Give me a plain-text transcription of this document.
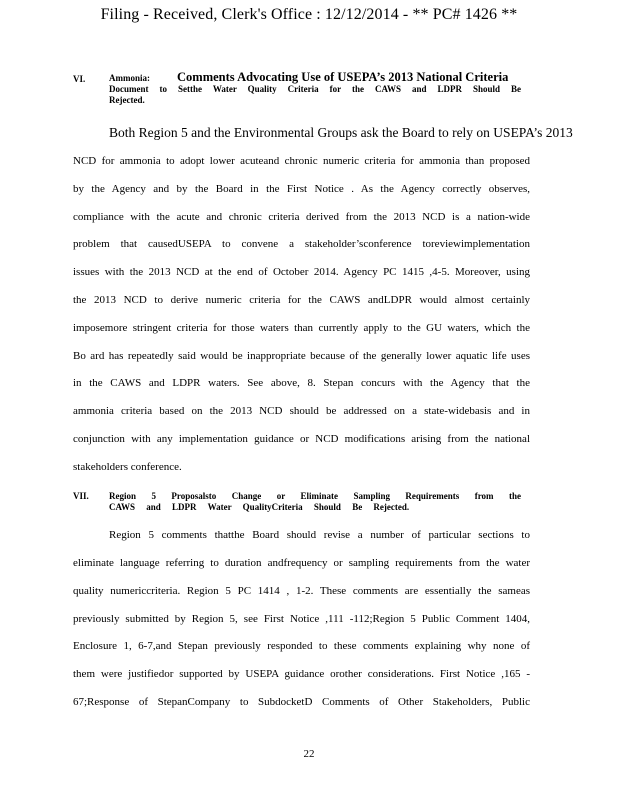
Filing - Received, Clerk's Office : 12/12/2014 - ** PC# 1426 **
VI.	Ammonia: Comments Advocating Use of USEPA’s 2013 National Criteria
Document to Setthe Water Quality Criteria for the CAWS and LDPR Should Be
Rejected.
Both Region 5 and the Environmental Groups ask the Board to rely on USEPA’s 2013
NCD for ammonia to adopt lower acuteand chronic numeric criteria for ammonia than proposed
by the Agency and by the Board in the First Notice . As the Agency correctly observes,
compliance with the acute and chronic criteria derived from the 2013 NCD is a nation-wide
problem that causedUSEPA to convene a stakeholder’sconference toreviewimplementation
issues with the 2013 NCD at the end of October 2014. Agency PC 1415 ,4-5. Moreover, using
the 2013 NCD to derive numeric criteria for the CAWS andLDPR would almost certainly
imposemore stringent criteria for those waters than currently apply to the GU waters, which the
Bo ard has repeatedly said would be inappropriate because of the generally lower aquatic life uses
in the CAWS and LDPR waters. See above, 8. Stepan concurs with the Agency that the
ammonia criteria based on the 2013 NCD should be addressed on a state-widebasis and in
conjunction with any implementation guidance or NCD modifications arising from the national
stakeholders conference.
VII. Region 5 Proposalsto Change or Eliminate Sampling Requirements from the
CAWS and LDPR Water QualityCriteria Should Be Rejected.
Region 5 comments thatthe Board should revise a number of particular sections to
eliminate language referring to duration andfrequency or sampling requirements from the water
quality numericcriteria. Region 5 PC 1414 , 1-2. These comments are essentially the sameas
previously submitted by Region 5, see First Notice ,111 -112;Region 5 Public Comment 1404,
Enclosure 1, 6-7,and Stepan previously responded to these comments explaining why none of
them were justifiedor supported by USEPA guidance orother considerations. First Notice ,165 -
67;Response of StepanCompany to SubdocketD Comments of Other Stakeholders, Public
22
